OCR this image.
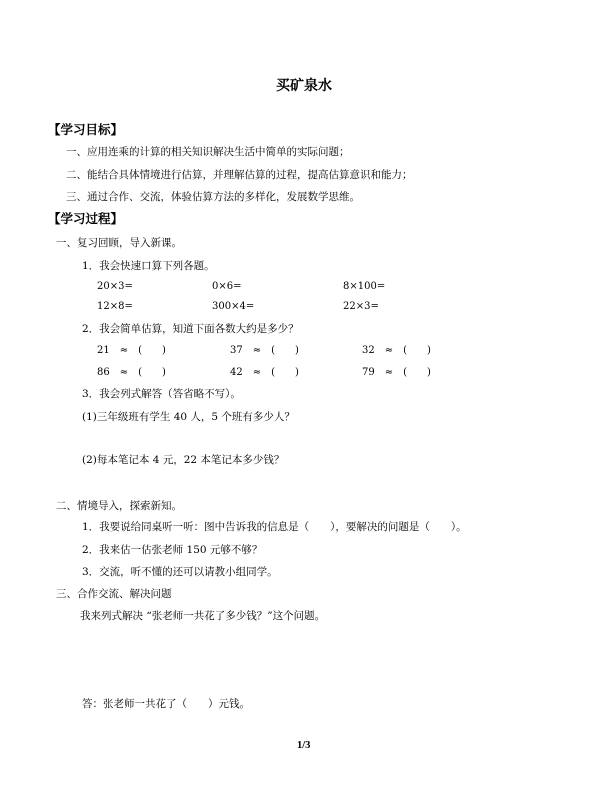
买矿泉水
【学习目标】
一、应用连乘的计算的相关知识解决生活中简单的实际问题；
二、能结合具体情境进行估算，并理解估算的过程，提高估算意识和能力；
三、通过合作、交流，体验估算方法的多样化，发展数学思维。
【学习过程】
一、复习回顾，导入新课。
1．我会快速口算下列各题。
20×3=	0×6=	8×100=
12×8=	300×4=	22×3=
2．我会简单估算，知道下面各数大约是多少？
21　≈　(　　)	37　≈　(　　)	32　≈　(　　)
86　≈　(　　)	42　≈　(　　)	79　≈　(　　)
3．我会列式解答（答省略不写）。
(1)三年级班有学生 40 人，5 个班有多少人？
(2)每本笔记本 4 元，22 本笔记本多少钱？
二、情境导入，探索新知。
1．我要说给同桌听一听：图中告诉我的信息是（　　），要解决的问题是（　　）。
2．我来估一估张老师 150 元够不够？
3．交流，听不懂的还可以请教小组同学。
三、合作交流、解决问题
我来列式解决 “张老师一共花了多少钱？”这个问题。
答：张老师一共花了（　　）元钱。
1/3
